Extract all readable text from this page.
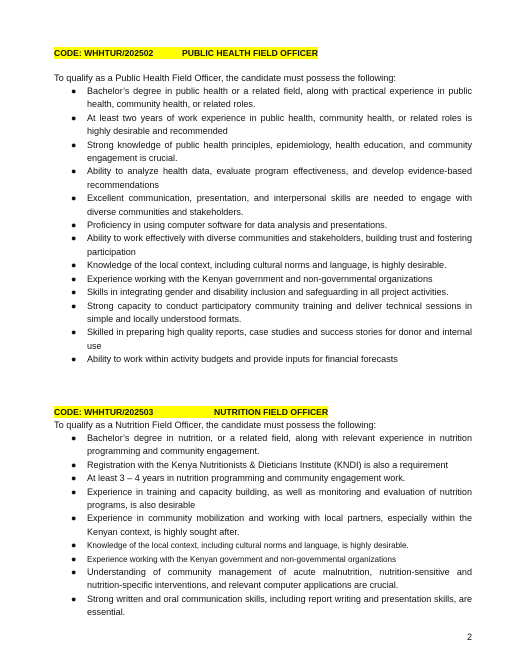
CODE: WHHTUR/202502	PUBLIC HEALTH FIELD OFFICER
To qualify as a Public Health Field Officer, the candidate must possess the following:
● Bachelor’s degree in public health or a related field, along with practical experience in public health, community health, or related roles.
● At least two years of work experience in public health, community health, or related roles is highly desirable and recommended
● Strong knowledge of public health principles, epidemiology, health education, and community engagement is crucial.
● Ability to analyze health data, evaluate program effectiveness, and develop evidence-based recommendations
● Excellent communication, presentation, and interpersonal skills are needed to engage with diverse communities and stakeholders.
● Proficiency in using computer software for data analysis and presentations.
● Ability to work effectively with diverse communities and stakeholders, building trust and fostering participation
● Knowledge of the local context, including cultural norms and language, is highly desirable.
● Experience working with the Kenyan government and non-governmental organizations
● Skills in integrating gender and disability inclusion and safeguarding in all project activities.
● Strong capacity to conduct participatory community training and deliver technical sessions in simple and locally understood formats.
● Skilled in preparing high quality reports, case studies and success stories for donor and internal use
● Ability to work within activity budgets and provide inputs for financial forecasts
CODE: WHHTUR/202503	NUTRITION FIELD OFFICER
To qualify as a Nutrition Field Officer, the candidate must possess the following:
● Bachelor’s degree in nutrition, or a related field, along with relevant experience in nutrition programming and community engagement.
● Registration with the Kenya Nutritionists & Dieticians Institute (KNDI) is also a requirement
● At least 3 – 4 years in nutrition programming and community engagement work.
● Experience in training and capacity building, as well as monitoring and evaluation of nutrition programs, is also desirable
● Experience in community mobilization and working with local partners, especially within the Kenyan context, is highly sought after.
● Knowledge of the local context, including cultural norms and language, is highly desirable.
● Experience working with the Kenyan government and non-governmental organizations
● Understanding of community management of acute malnutrition, nutrition-sensitive and nutrition-specific interventions, and relevant computer applications are crucial.
● Strong written and oral communication skills, including report writing and presentation skills, are essential.
2
